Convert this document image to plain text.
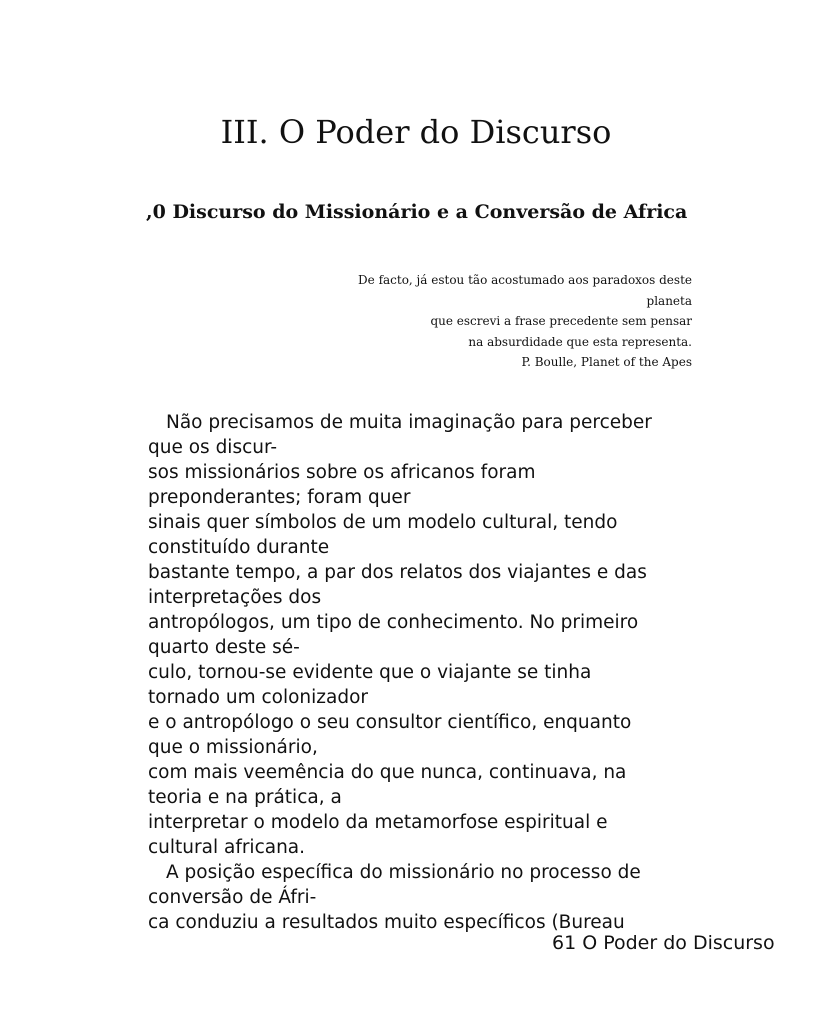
III. O Poder do Discurso
,0 Discurso do Missionário e a Conversão de Africa
De facto, já estou tão acostumado aos paradoxos deste
planeta
que escrevi a frase precedente sem pensar
na absurdidade que esta representa.
P. Boulle, Planet of the Apes
Não precisamos de muita imaginação para perceber
que os discur-
sos missionários sobre os africanos foram
preponderantes; foram quer
sinais quer símbolos de um modelo cultural, tendo
constituído durante
bastante tempo, a par dos relatos dos viajantes e das
interpretações dos
antropólogos, um tipo de conhecimento. No primeiro
quarto deste sé-
culo, tornou-se evidente que o viajante se tinha
tornado um colonizador
e o antropólogo o seu consultor científico, enquanto
que o missionário,
com mais veemência do que nunca, continuava, na
teoria e na prática, a
interpretar o modelo da metamorfose espiritual e
cultural africana.
A posição específica do missionário no processo de
conversão de Áfri-
ca conduziu a resultados muito específicos (Bureau
61 O Poder do Discurso
